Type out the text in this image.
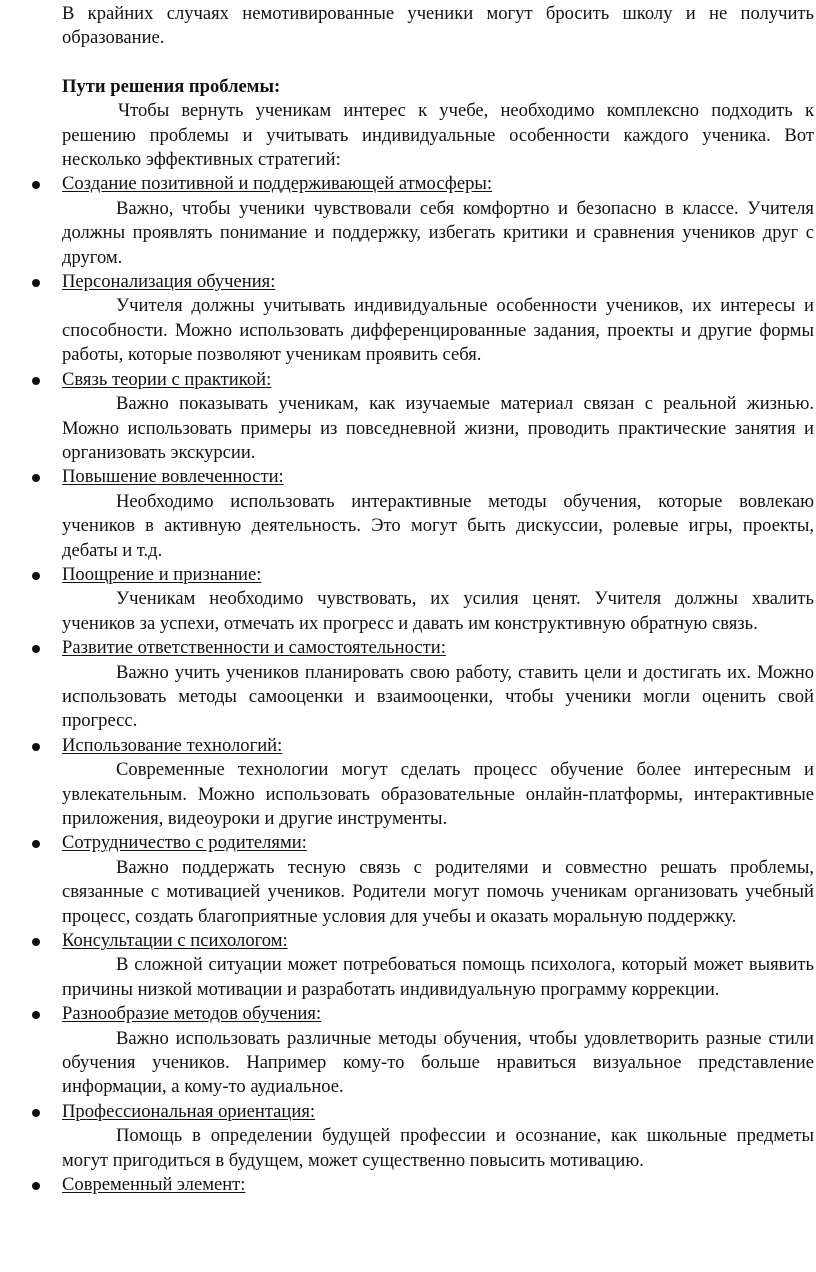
В крайних случаях немотивированные ученики могут бросить школу и не получить образование.

Пути решения проблемы:

Чтобы вернуть ученикам интерес к учебе, необходимо комплексно подходить к решению проблемы и учитывать индивидуальные особенности каждого ученика. Вот несколько эффективных стратегий:

Создание позитивной и поддерживающей атмосферы:

Важно, чтобы ученики чувствовали себя комфортно и безопасно в классе. Учителя должны проявлять понимание и поддержку, избегать критики и сравнения учеников друг с другом.

Персонализация обучения:

Учителя должны учитывать индивидуальные особенности учеников, их интересы и способности. Можно использовать дифференцированные задания, проекты и другие формы работы, которые позволяют ученикам проявить себя.

Связь теории с практикой:

Важно показывать ученикам, как изучаемые материал связан с реальной жизнью. Можно использовать примеры из повседневной жизни, проводить практические занятия и организовать экскурсии.

Повышение вовлеченности:

Необходимо использовать интерактивные методы обучения, которые вовлекаю учеников в активную деятельность. Это могут быть дискуссии, ролевые игры, проекты, дебаты и т.д.

Поощрение и признание:

Ученикам необходимо чувствовать, их усилия ценят. Учителя должны хвалить учеников за успехи, отмечать их прогресс и давать им конструктивную обратную связь.

Развитие ответственности и самостоятельности:

Важно учить учеников планировать свою работу, ставить цели и достигать их. Можно использовать методы самооценки и взаимооценки, чтобы ученики могли оценить свой прогресс.

Использование технологий:

Современные технологии могут сделать процесс обучение более интересным и увлекательным. Можно использовать образовательные онлайн-платформы, интерактивные приложения, видеоуроки и другие инструменты.

Сотрудничество с родителями:

Важно поддержать тесную связь с родителями и совместно решать проблемы, связанные с мотивацией учеников. Родители могут помочь ученикам организовать учебный процесс, создать благоприятные условия для учебы и оказать моральную поддержку.

Консультации с психологом:

В сложной ситуации может потребоваться помощь психолога, который может выявить причины низкой мотивации и разработать индивидуальную программу коррекции.

Разнообразие методов обучения:

Важно использовать различные методы обучения, чтобы удовлетворить разные стили обучения учеников. Например кому-то больше нравиться визуальное представление информации, а кому-то аудиальное.

Профессиональная ориентация:

Помощь в определении будущей профессии и осознание, как школьные предметы могут пригодиться в будущем, может существенно повысить мотивацию.

Современный элемент:
